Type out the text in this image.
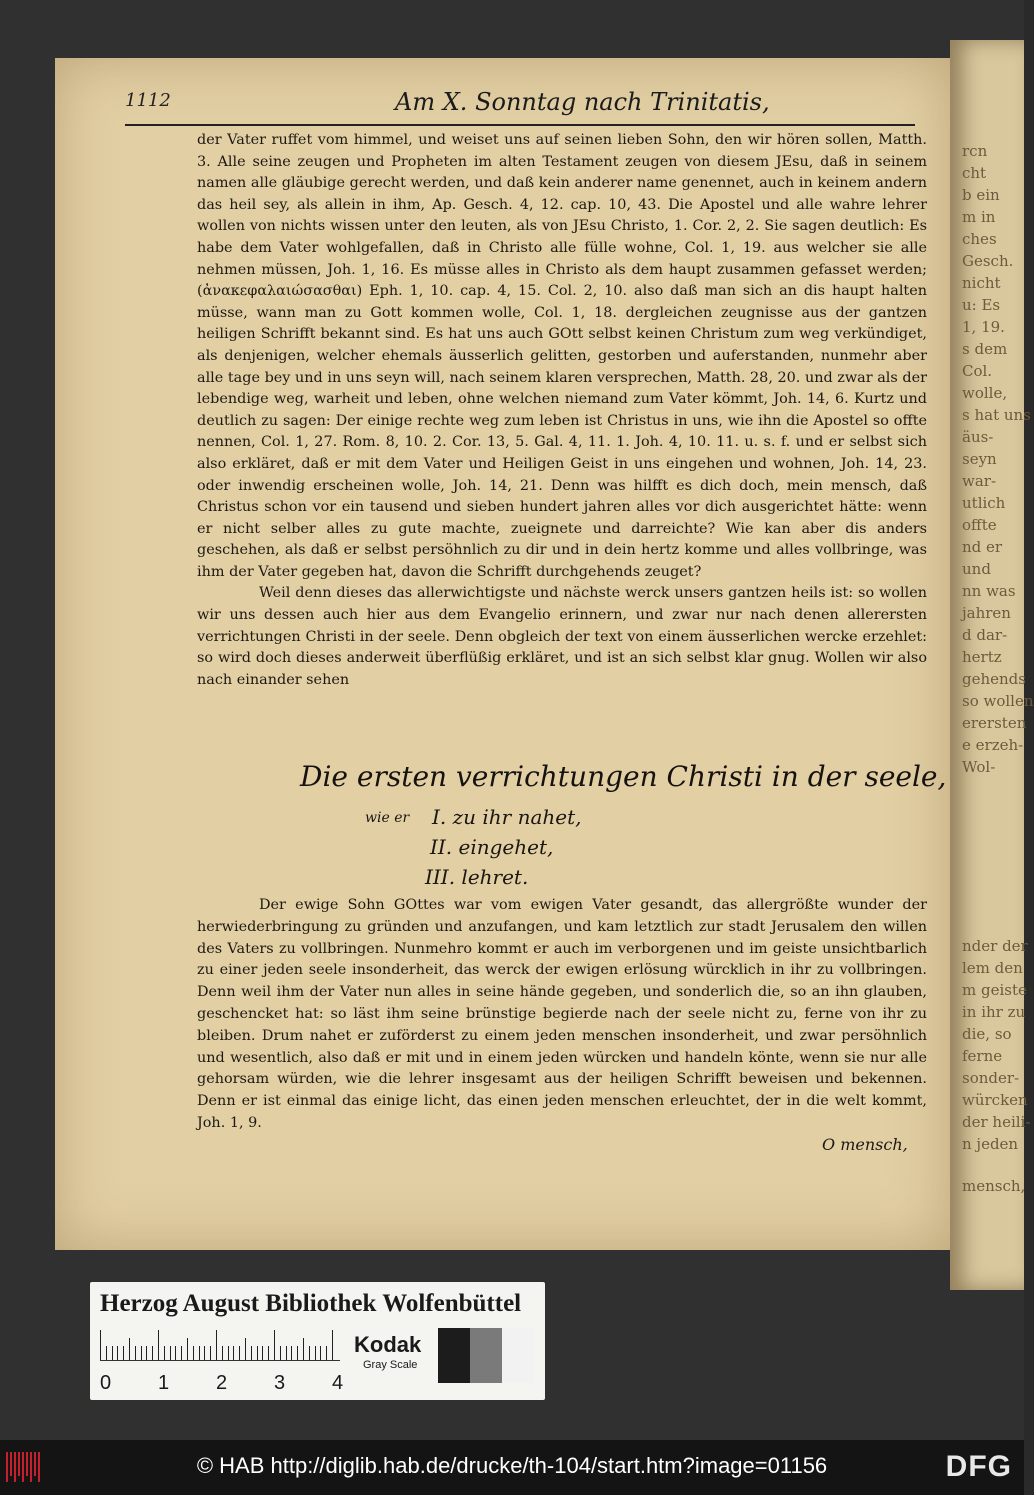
rcn
cht
b ein
m in
ches
Gesch.
nicht
u: Es
1, 19.
s dem
Col.
wolle,
s hat uns
äus-
seyn
war-
utlich
offte
nd er
und
nn was
jahren
d dar-
hertz
gehends
so wollen
erersten
e erzeh-
Wol-
nder der
lem den
m geiste
in ihr zu
die, so
ferne
sonder-
würcken
der heili-
n jeden
mensch,
1112	Am X. Sonntag nach Trinitatis,

der Vater ruffet vom himmel, und weiset uns auf seinen lieben Sohn, den wir hören sollen, Matth. 3. Alle seine zeugen und Propheten im alten Testament zeugen von diesem JEsu, daß in seinem namen alle gläubige gerecht werden, und daß kein anderer name genennet, auch in keinem andern das heil sey, als allein in ihm, Ap. Gesch. 4, 12. cap. 10, 43. Die Apostel und alle wahre lehrer wollen von nichts wissen unter den leuten, als von JEsu Christo, 1. Cor. 2, 2. Sie sagen deutlich: Es habe dem Vater wohlgefallen, daß in Christo alle fülle wohne, Col. 1, 19. aus welcher sie alle nehmen müssen, Joh. 1, 16. Es müsse alles in Christo als dem haupt zusammen gefasset werden; (ἀνακεφαλαιώσασθαι) Eph. 1, 10. cap. 4, 15. Col. 2, 10. also daß man sich an dis haupt halten müsse, wann man zu Gott kommen wolle, Col. 1, 18. dergleichen zeugnisse aus der gantzen heiligen Schrifft bekannt sind. Es hat uns auch GOtt selbst keinen Christum zum weg verkündiget, als denjenigen, welcher ehemals äusserlich gelitten, gestorben und auferstanden, nunmehr aber alle tage bey und in uns seyn will, nach seinem klaren versprechen, Matth. 28, 20. und zwar als der lebendige weg, warheit und leben, ohne welchen niemand zum Vater kömmt, Joh. 14, 6. Kurtz und deutlich zu sagen: Der einige rechte weg zum leben ist Christus in uns, wie ihn die Apostel so offte nennen, Col. 1, 27. Rom. 8, 10. 2. Cor. 13, 5. Gal. 4, 11. 1. Joh. 4, 10. 11. u. s. f. und er selbst sich also erkläret, daß er mit dem Vater und Heiligen Geist in uns eingehen und wohnen, Joh. 14, 23. oder inwendig erscheinen wolle, Joh. 14, 21. Denn was hilfft es dich doch, mein mensch, daß Christus schon vor ein tausend und sieben hundert jahren alles vor dich ausgerichtet hätte: wenn er nicht selber alles zu gute machte, zueignete und darreichte? Wie kan aber dis anders geschehen, als daß er selbst persöhnlich zu dir und in dein hertz komme und alles vollbringe, was ihm der Vater gegeben hat, davon die Schrifft durchgehends zeuget?

Weil denn dieses das allerwichtigste und nächste werck unsers gantzen heils ist: so wollen wir uns dessen auch hier aus dem Evangelio erinnern, und zwar nur nach denen allerersten verrichtungen Christi in der seele. Denn obgleich der text von einem äusserlichen wercke erzehlet: so wird doch dieses anderweit überflüßig erkläret, und ist an sich selbst klar gnug. Wollen wir also nach einander sehen

Die ersten verrichtungen Christi in der seele,
wie er I. zu ihr nahet,
II. eingehet,
III. lehret.

Der ewige Sohn GOttes war vom ewigen Vater gesandt, das allergrößte wunder der herwiederbringung zu gründen und anzufangen, und kam letztlich zur stadt Jerusalem den willen des Vaters zu vollbringen. Nunmehro kommt er auch im verborgenen und im geiste unsichtbarlich zu einer jeden seele insonderheit, das werck der ewigen erlösung würcklich in ihr zu vollbringen. Denn weil ihm der Vater nun alles in seine hände gegeben, und sonderlich die, so an ihn glauben, geschencket hat: so läst ihm seine brünstige begierde nach der seele nicht zu, ferne von ihr zu bleiben. Drum nahet er zuförderst zu einem jeden menschen insonderheit, und zwar persöhnlich und wesentlich, also daß er mit und in einem jeden würcken und handeln könte, wenn sie nur alle gehorsam würden, wie die lehrer insgesamt aus der heiligen Schrifft beweisen und bekennen. Denn er ist einmal das einige licht, das einen jeden menschen erleuchtet, der in die welt kommt, Joh. 1, 9.

O mensch,
Herzog August Bibliothek Wolfenbüttel
0 1 2 3 4
Kodak
Gray Scale
© HAB http://diglib.hab.de/drucke/th-104/start.htm?image=01156	DFG
